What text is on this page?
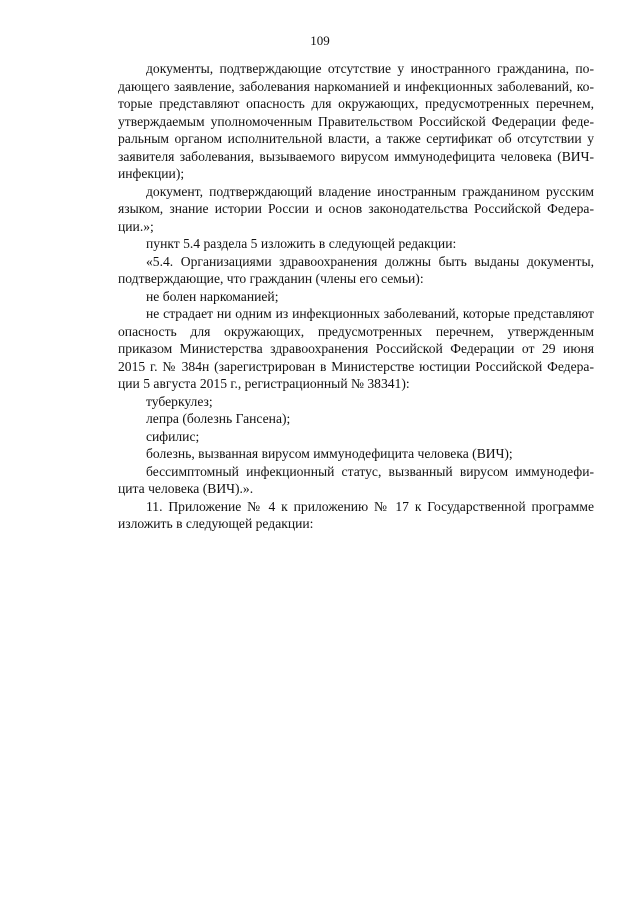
109

документы, подтверждающие отсутствие у иностранного гражданина, подающего заявление, заболевания наркоманией и инфекционных заболеваний, которые представляют опасность для окружающих, предусмотренных перечнем, утверждаемым уполномоченным Правительством Российской Федерации федеральным органом исполнительной власти, а также сертификат об отсутствии у заявителя заболевания, вызываемого вирусом иммунодефицита человека (ВИЧ-инфекции);

документ, подтверждающий владение иностранным гражданином русским языком, знание истории России и основ законодательства Российской Федерации.»;

пункт 5.4 раздела 5 изложить в следующей редакции:

«5.4. Организациями здравоохранения должны быть выданы документы, подтверждающие, что гражданин (члены его семьи):

не болен наркоманией;

не страдает ни одним из инфекционных заболеваний, которые представляют опасность для окружающих, предусмотренных перечнем, утвержденным приказом Министерства здравоохранения Российской Федерации от 29 июня 2015 г. № 384н (зарегистрирован в Министерстве юстиции Российской Федерации 5 августа 2015 г., регистрационный № 38341):

туберкулез;

лепра (болезнь Гансена);

сифилис;

болезнь, вызванная вирусом иммунодефицита человека (ВИЧ);

бессимптомный инфекционный статус, вызванный вирусом иммунодефицита человека (ВИЧ).».

11. Приложение № 4 к приложению № 17 к Государственной программе изложить в следующей редакции:
